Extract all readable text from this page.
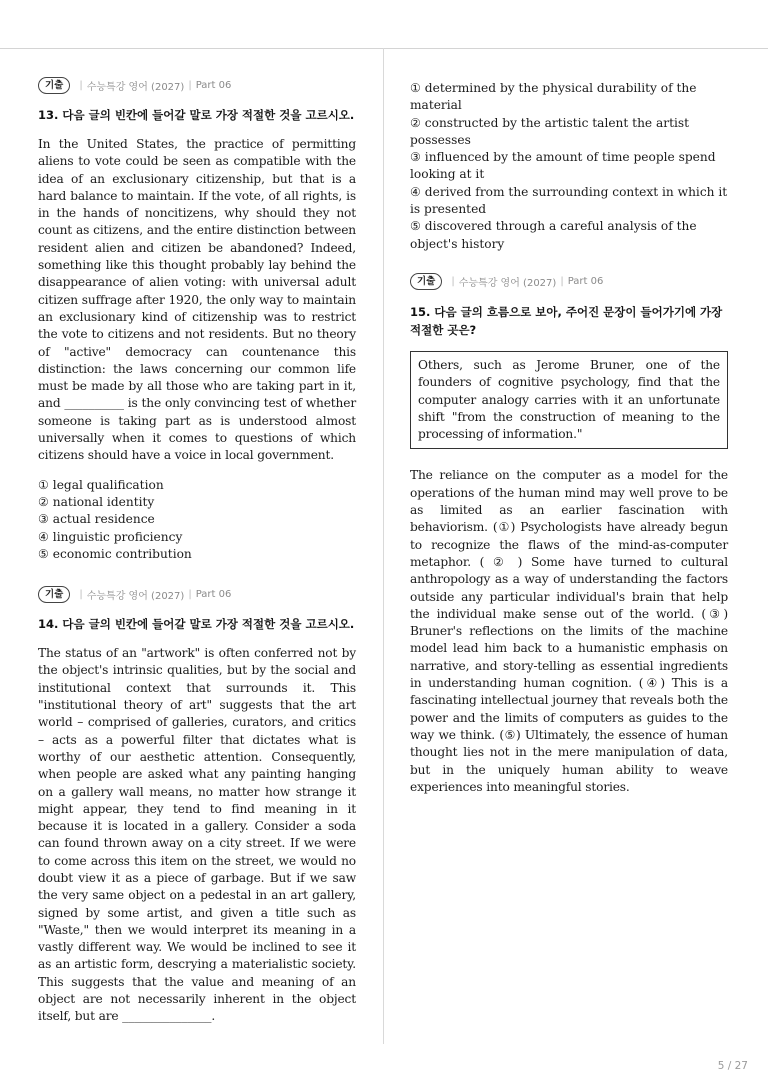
기출	| 수능특강 영어 (2027) | Part 06
13. 다음 글의 빈칸에 들어갈 말로 가장 적절한 것을 고르시오.

In the United States, the practice of permitting aliens to vote could be seen as compatible with the idea of an exclusionary citizenship, but that is a hard balance to maintain. If the vote, of all rights, is in the hands of noncitizens, why should they not count as citizens, and the entire distinction between resident alien and citizen be abandoned? Indeed, something like this thought probably lay behind the disappearance of alien voting: with universal adult citizen suffrage after 1920, the only way to maintain an exclusionary kind of citizenship was to restrict the vote to citizens and not residents. But no theory of "active" democracy can countenance this distinction: the laws concerning our common life must be made by all those who are taking part in it, and __________ is the only convincing test of whether someone is taking part as is understood almost universally when it comes to questions of which citizens should have a voice in local government.

① legal qualification
② national identity
③ actual residence
④ linguistic proficiency
⑤ economic contribution
기출	| 수능특강 영어 (2027) | Part 06
14. 다음 글의 빈칸에 들어갈 말로 가장 적절한 것을 고르시오.

The status of an "artwork" is often conferred not by the object's intrinsic qualities, but by the social and institutional context that surrounds it. This "institutional theory of art" suggests that the art world – comprised of galleries, curators, and critics – acts as a powerful filter that dictates what is worthy of our aesthetic attention. Consequently, when people are asked what any painting hanging on a gallery wall means, no matter how strange it might appear, they tend to find meaning in it because it is located in a gallery. Consider a soda can found thrown away on a city street. If we were to come across this item on the street, we would no doubt view it as a piece of garbage. But if we saw the very same object on a pedestal in an art gallery, signed by some artist, and given a title such as "Waste," then we would interpret its meaning in a vastly different way. We would be inclined to see it as an artistic form, descrying a materialistic society. This suggests that the value and meaning of an object are not necessarily inherent in the object itself, but are _______________.

① determined by the physical durability of the material
② constructed by the artistic talent the artist possesses
③ influenced by the amount of time people spend looking at it
④ derived from the surrounding context in which it is presented
⑤ discovered through a careful analysis of the object's history
기출	| 수능특강 영어 (2027) | Part 06
15. 다음 글의 흐름으로 보아, 주어진 문장이 들어가기에 가장 적절한 곳은?
Others, such as Jerome Bruner, one of the founders of cognitive psychology, find that the computer analogy carries with it an unfortunate shift "from the construction of meaning to the processing of information."

The reliance on the computer as a model for the operations of the human mind may well prove to be as limited as an earlier fascination with behaviorism. (①) Psychologists have already begun to recognize the flaws of the mind-as-computer metaphor. ( ② ) Some have turned to cultural anthropology as a way of understanding the factors outside any particular individual's brain that help the individual make sense out of the world. (③) Bruner's reflections on the limits of the machine model lead him back to a humanistic emphasis on narrative, and story-telling as essential ingredients in understanding human cognition. (④) This is a fascinating intellectual journey that reveals both the power and the limits of computers as guides to the way we think. (⑤) Ultimately, the essence of human thought lies not in the mere manipulation of data, but in the uniquely human ability to weave experiences into meaningful stories.

5 / 27
